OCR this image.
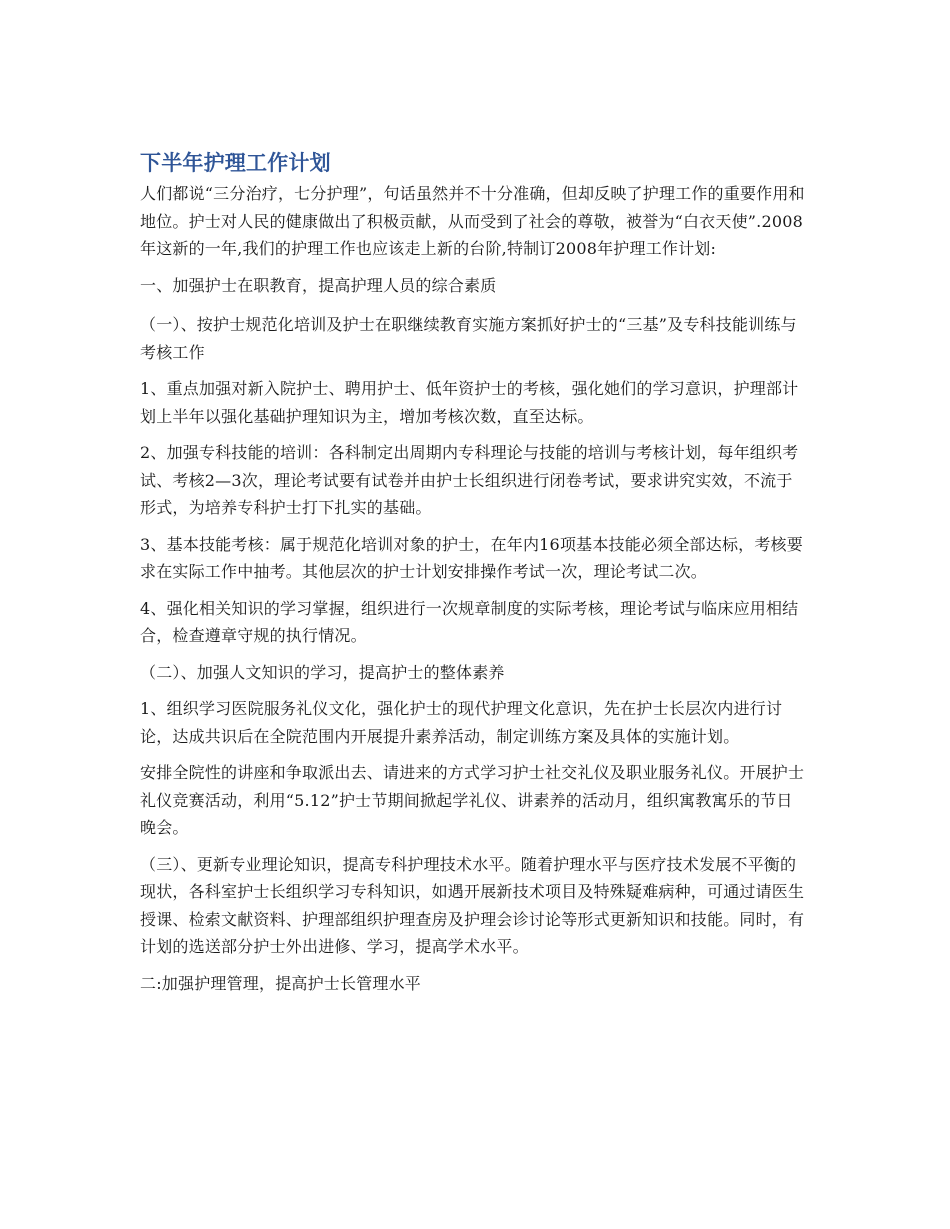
下半年护理工作计划

人们都说“三分治疗，七分护理”，句话虽然并不十分准确，但却反映了护理工作的重要作用和地位。护士对人民的健康做出了积极贡献，从而受到了社会的尊敬，被誉为“白衣天使”.2008年这新的一年,我们的护理工作也应该走上新的台阶,特制订2008年护理工作计划:

一、加强护士在职教育，提高护理人员的综合素质

（一）、按护士规范化培训及护士在职继续教育实施方案抓好护士的“三基”及专科技能训练与考核工作

1、重点加强对新入院护士、聘用护士、低年资护士的考核，强化她们的学习意识，护理部计划上半年以强化基础护理知识为主，增加考核次数，直至达标。

2、加强专科技能的培训：各科制定出周期内专科理论与技能的培训与考核计划，每年组织考试、考核2—3次，理论考试要有试卷并由护士长组织进行闭卷考试，要求讲究实效，不流于形式，为培养专科护士打下扎实的基础。

3、基本技能考核：属于规范化培训对象的护士，在年内16项基本技能必须全部达标，考核要求在实际工作中抽考。其他层次的护士计划安排操作考试一次，理论考试二次。

4、强化相关知识的学习掌握，组织进行一次规章制度的实际考核，理论考试与临床应用相结合，检查遵章守规的执行情况。

（二）、加强人文知识的学习，提高护士的整体素养

1、组织学习医院服务礼仪文化，强化护士的现代护理文化意识，先在护士长层次内进行讨论，达成共识后在全院范围内开展提升素养活动，制定训练方案及具体的实施计划。

安排全院性的讲座和争取派出去、请进来的方式学习护士社交礼仪及职业服务礼仪。开展护士礼仪竞赛活动，利用“5.12”护士节期间掀起学礼仪、讲素养的活动月，组织寓教寓乐的节日晚会。

（三）、更新专业理论知识，提高专科护理技术水平。随着护理水平与医疗技术发展不平衡的现状，各科室护士长组织学习专科知识，如遇开展新技术项目及特殊疑难病种，可通过请医生授课、检索文献资料、护理部组织护理查房及护理会诊讨论等形式更新知识和技能。同时，有计划的选送部分护士外出进修、学习，提高学术水平。

二:加强护理管理，提高护士长管理水平
